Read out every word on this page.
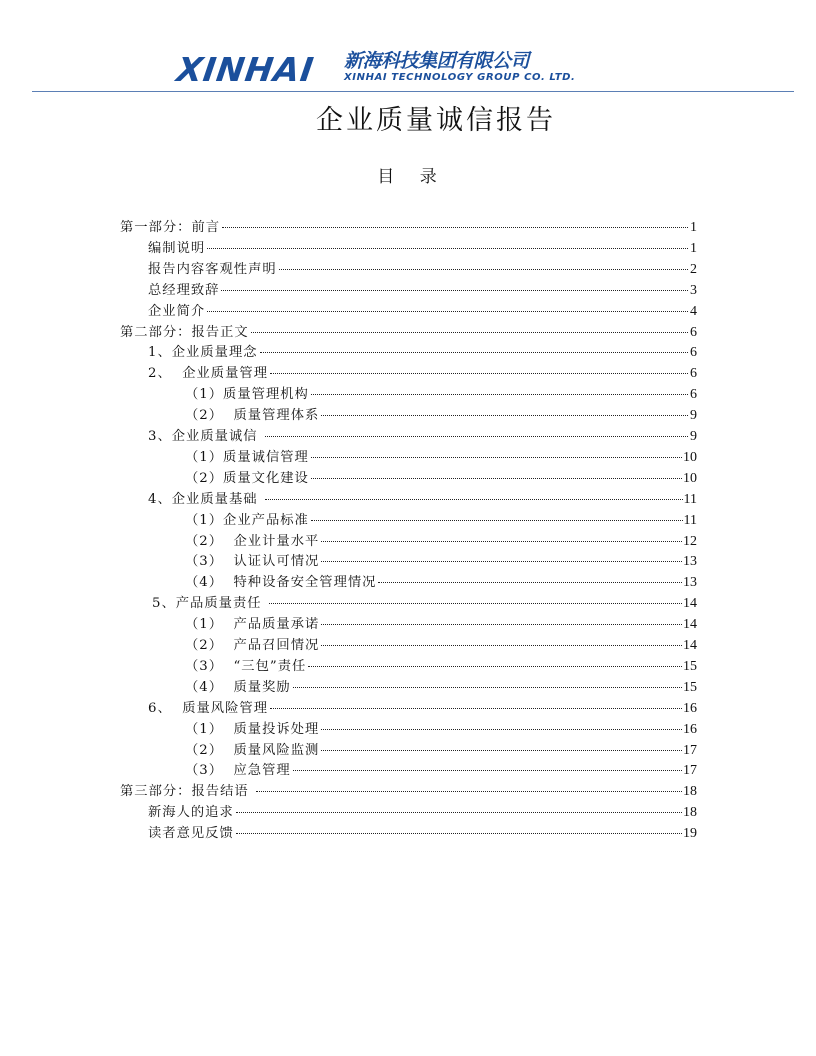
XINHAI 新海科技集团有限公司
XINHAI TECHNOLOGY GROUP CO. LTD.
企业质量诚信报告
目 录
第一部分：前言	1
编制说明	1
报告内容客观性声明	2
总经理致辞	3
企业简介	4
第二部分：报告正文	6
1、企业质量理念	6
2、  企业质量管理	6
（1）质量管理机构	6
（2）  质量管理体系	9
3、企业质量诚信	9
（1）质量诚信管理	10
（2）质量文化建设	10
4、企业质量基础	11
（1）企业产品标准	11
（2）  企业计量水平	12
（3）  认证认可情况	13
（4）  特种设备安全管理情况	13
5、产品质量责任	14
（1）  产品质量承诺	14
（2）  产品召回情况	14
（3）  “三包”责任	15
（4）  质量奖励	15
6、  质量风险管理	16
（1）  质量投诉处理	16
（2）  质量风险监测	17
（3）  应急管理	17
第三部分：报告结语	18
新海人的追求	18
读者意见反馈	19
